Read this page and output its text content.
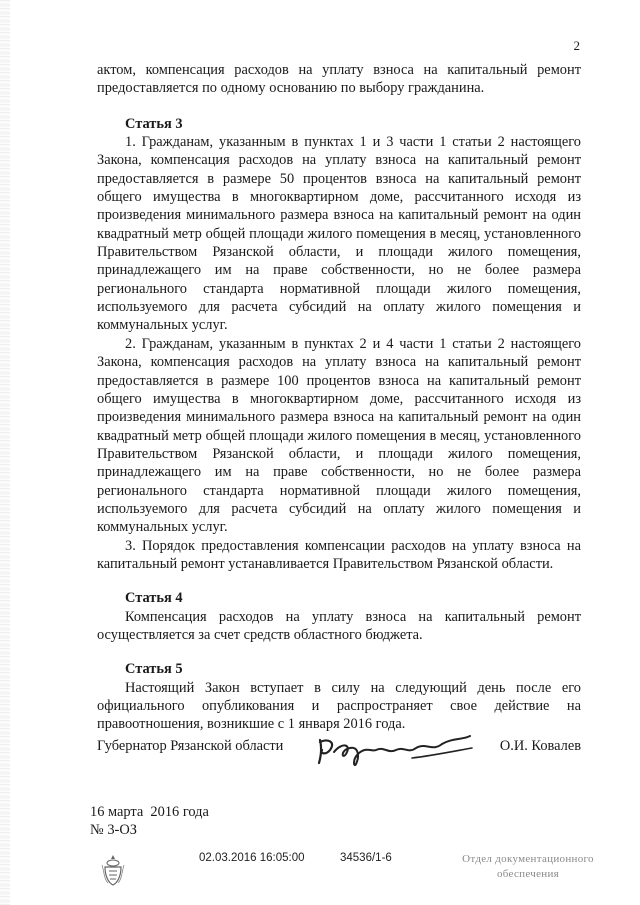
2

актом, компенсация расходов на уплату взноса на капитальный ремонт предоставляется по одному основанию по выбору гражданина.

Статья 3

1. Гражданам, указанным в пунктах 1 и 3 части 1 статьи 2 настоящего Закона, компенсация расходов на уплату взноса на капитальный ремонт предоставляется в размере 50 процентов взноса на капитальный ремонт общего имущества в многоквартирном доме, рассчитанного исходя из произведения минимального размера взноса на капитальный ремонт на один квадратный метр общей площади жилого помещения в месяц, установленного Правительством Рязанской области, и площади жилого помещения, принадлежащего им на праве собственности, но не более размера регионального стандарта нормативной площади жилого помещения, используемого для расчета субсидий на оплату жилого помещения и коммунальных услуг.

2. Гражданам, указанным в пунктах 2 и 4 части 1 статьи 2 настоящего Закона, компенсация расходов на уплату взноса на капитальный ремонт предоставляется в размере 100 процентов взноса на капитальный ремонт общего имущества в многоквартирном доме, рассчитанного исходя из произведения минимального размера взноса на капитальный ремонт на один квадратный метр общей площади жилого помещения в месяц, установленного Правительством Рязанской области, и площади жилого помещения, принадлежащего им на праве собственности, но не более размера регионального стандарта нормативной площади жилого помещения, используемого для расчета субсидий на оплату жилого помещения и коммунальных услуг.

3. Порядок предоставления компенсации расходов на уплату взноса на капитальный ремонт устанавливается Правительством Рязанской области.

Статья 4

Компенсация расходов на уплату взноса на капитальный ремонт осуществляется за счет средств областного бюджета.

Статья 5

Настоящий Закон вступает в силу на следующий день после его официального опубликования и распространяет свое действие на правоотношения, возникшие с 1 января 2016 года.

Губернатор Рязанской области	О.И. Ковалев
16 марта  2016 года
№ 3-ОЗ
02.03.2016 16:05:00	34536/1-6	Отдел документационного
обеспечения
